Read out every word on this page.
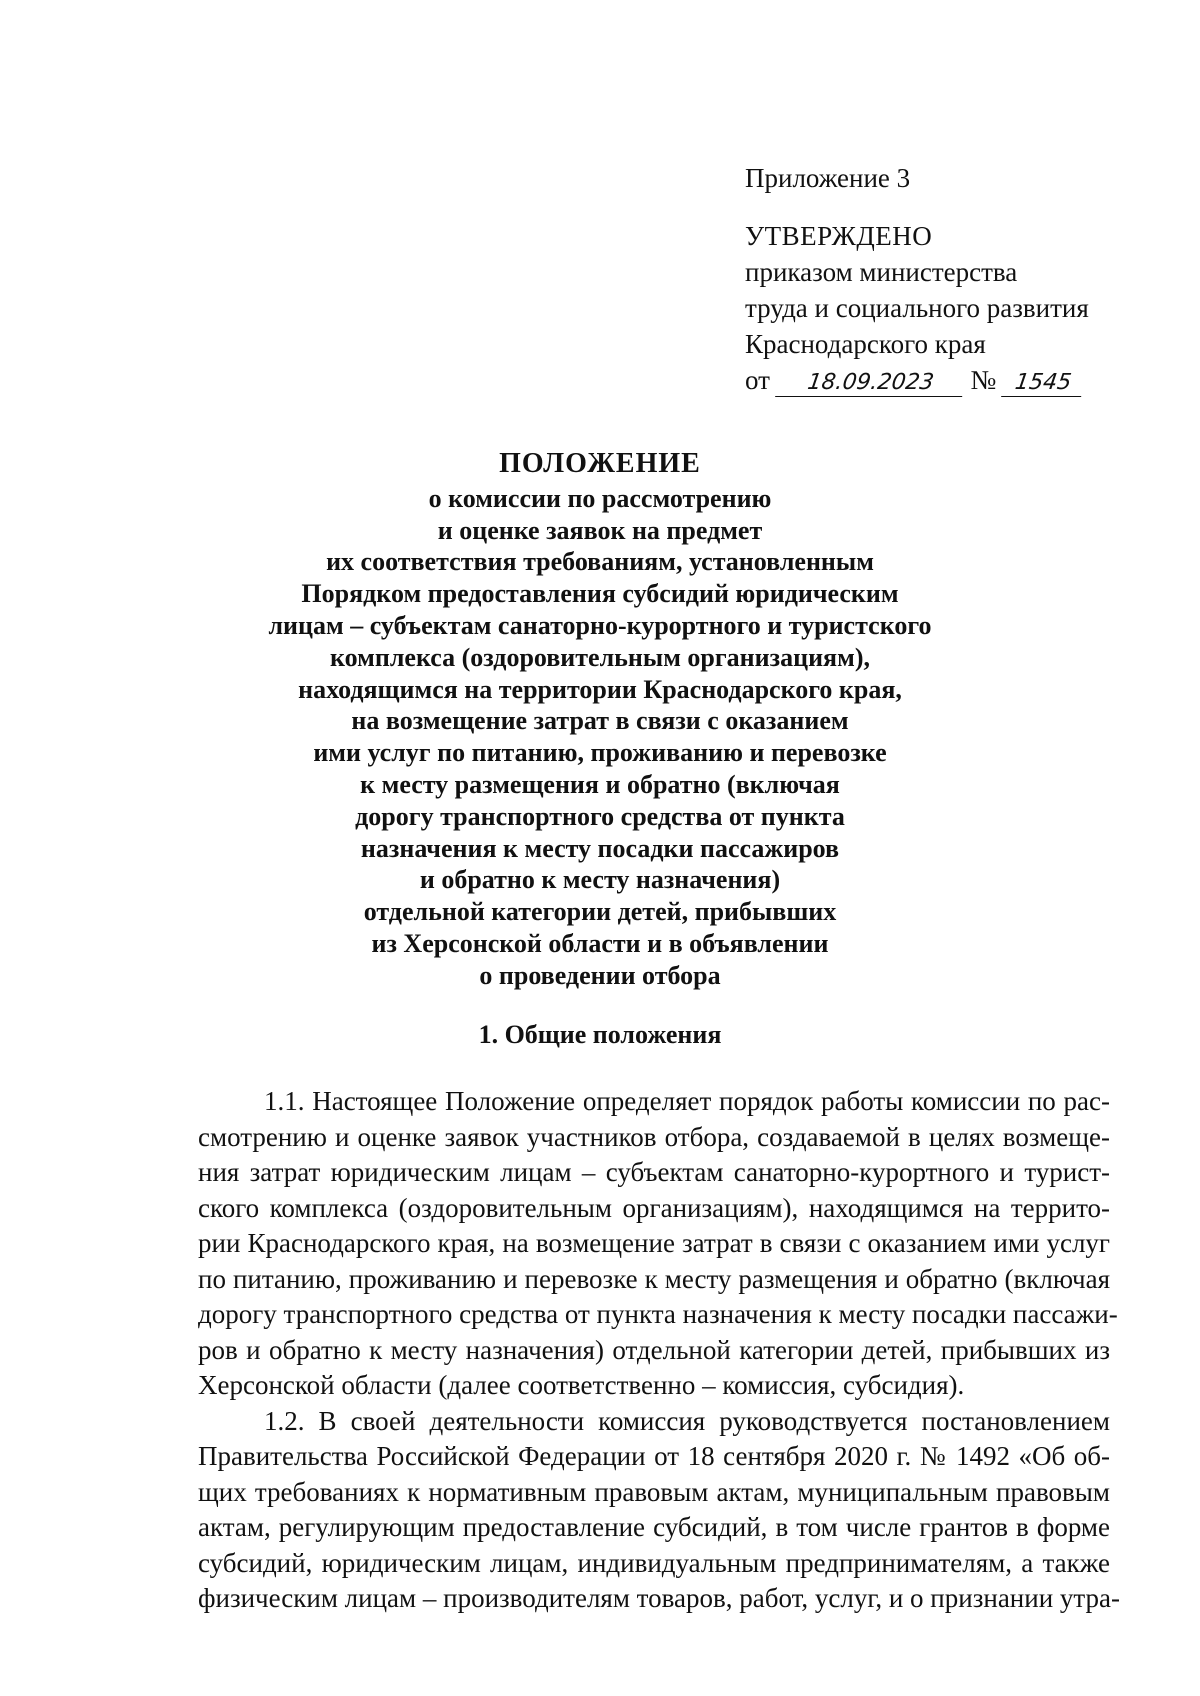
Приложение 3
УТВЕРЖДЕНО
приказом министерства
труда и социального развития
Краснодарского края
от 18.09.2023 № 1545
ПОЛОЖЕНИЕ
о комиссии по рассмотрению
и оценке заявок на предмет
их соответствия требованиям, установленным
Порядком предоставления субсидий юридическим
лицам – субъектам санаторно-курортного и туристского
комплекса (оздоровительным организациям),
находящимся на территории Краснодарского края,
на возмещение затрат в связи с оказанием
ими услуг по питанию, проживанию и перевозке
к месту размещения и обратно (включая
дорогу транспортного средства от пункта
назначения к месту посадки пассажиров
и обратно к месту назначения)
отдельной категории детей, прибывших
из Херсонской области и в объявлении
о проведении отбора
1. Общие положения
1.1. Настоящее Положение определяет порядок работы комиссии по рас-
смотрению и оценке заявок участников отбора, создаваемой в целях возмеще-
ния затрат юридическим лицам – субъектам санаторно-курортного и турист-
ского комплекса (оздоровительным организациям), находящимся на террито-
рии Краснодарского края, на возмещение затрат в связи с оказанием ими услуг
по питанию, проживанию и перевозке к месту размещения и обратно (включая
дорогу транспортного средства от пункта назначения к месту посадки пассажи-
ров и обратно к месту назначения) отдельной категории детей, прибывших из
Херсонской области (далее соответственно – комиссия, субсидия).
1.2. В своей деятельности комиссия руководствуется постановлением
Правительства Российской Федерации от 18 сентября 2020 г. № 1492 «Об об-
щих требованиях к нормативным правовым актам, муниципальным правовым
актам, регулирующим предоставление субсидий, в том числе грантов в форме
субсидий, юридическим лицам, индивидуальным предпринимателям, а также
физическим лицам – производителям товаров, работ, услуг, и о признании утра-
